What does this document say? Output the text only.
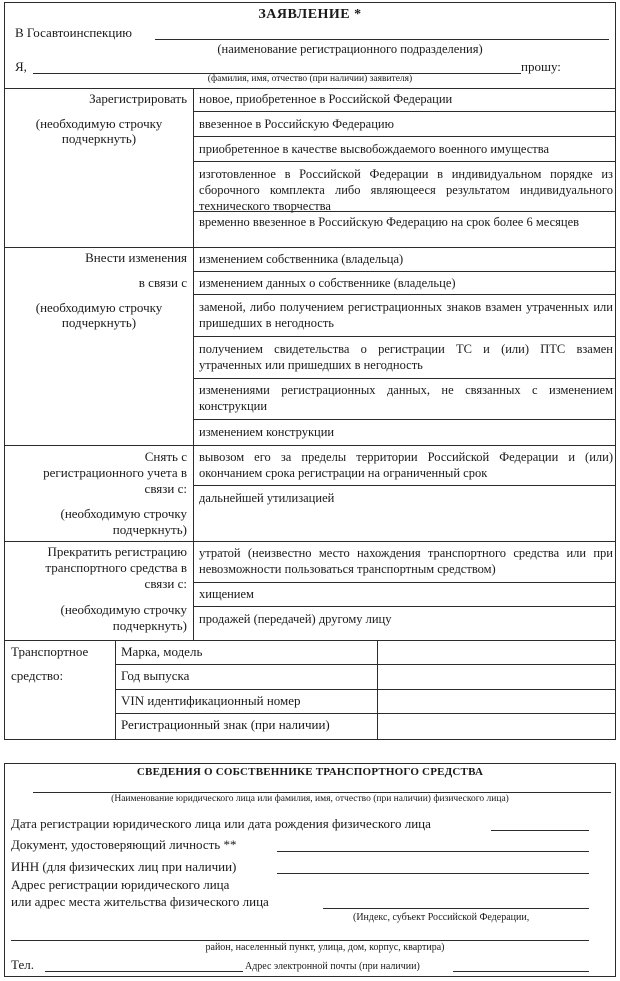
ЗАЯВЛЕНИЕ *
В Госавтоинспекцию
(наименование регистрационного подразделения)
Я,	прошу:
(фамилия, имя, отчество (при наличии) заявителя)
Зарегистрировать
(необходимую строчку
подчеркнуть)
новое, приобретенное в Российской Федерации
ввезенное в Российскую Федерацию
приобретенное в качестве высвобождаемого военного имущества
изготовленное в Российской Федерации в индивидуальном порядке из сборочного комплекта либо являющееся результатом индивидуального технического творчества
временно ввезенное в Российскую Федерацию на срок более 6 месяцев
Внести изменения
в связи с
(необходимую строчку
подчеркнуть)
изменением собственника (владельца)
изменением данных о собственнике (владельце)
заменой, либо получением регистрационных знаков взамен утраченных или пришедших в негодность
получением свидетельства о регистрации ТС и (или) ПТС взамен утраченных или пришедших в негодность
изменениями регистрационных данных, не связанных с изменением конструкции
изменением конструкции
Снять с
регистрационного учета в
связи с:
(необходимую строчку
подчеркнуть)
вывозом его за пределы территории Российской Федерации и (или) окончанием срока регистрации на ограниченный срок
дальнейшей утилизацией
Прекратить регистрацию
транспортного средства в
связи с:
(необходимую строчку
подчеркнуть)
утратой (неизвестно место нахождения транспортного средства или при невозможности пользоваться транспортным средством)
хищением
продажей (передачей) другому лицу
Транспортное
средство:
Марка, модель
Год выпуска
VIN идентификационный номер
Регистрационный знак (при наличии)
СВЕДЕНИЯ О СОБСТВЕННИКЕ ТРАНСПОРТНОГО СРЕДСТВА
(Наименование юридического лица или фамилия, имя, отчество (при наличии) физического лица)
Дата регистрации юридического лица или дата рождения физического лица
Документ, удостоверяющий личность **
ИНН (для физических лиц при наличии)
Адрес регистрации юридического лица
или адрес места жительства физического лица
(Индекс, субъект Российской Федерации,
район, населенный пункт, улица, дом, корпус, квартира)
Тел.	Адрес электронной почты (при наличии)
